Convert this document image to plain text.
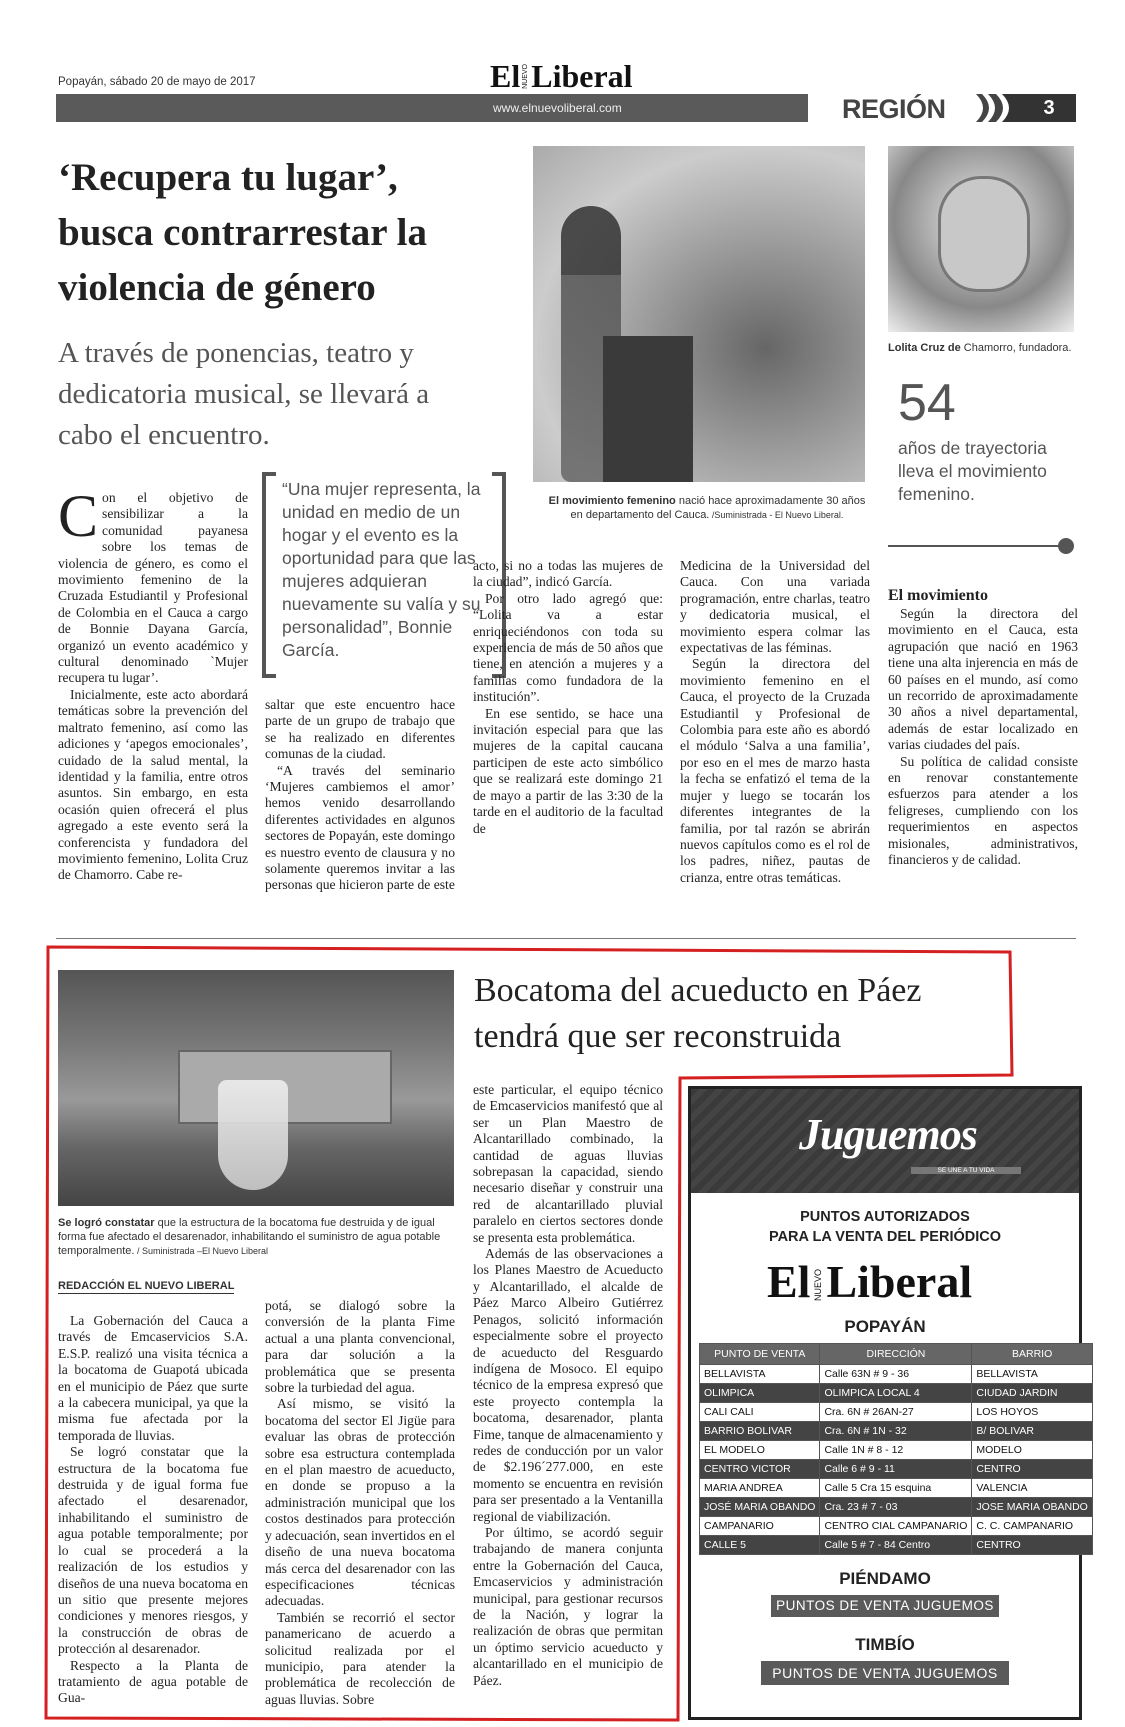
Popayán, sábado 20 de mayo de 2017	El NUEVO Liberal
www.elnuevoliberal.com	REGIÓN	3
‘Recupera tu lugar’,
busca contrarrestar la
violencia de género
A través de ponencias, teatro y
dedicatoria musical, se llevará a
cabo el encuentro.

Con el objetivo de sensibilizar a la comunidad payanesa sobre los temas de violencia de género, es como el movimiento femenino de la Cruzada Estudiantil y Profesional de Colombia en el Cauca a cargo de Bonnie Dayana García, organizó un evento académico y cultural denominado `Mujer recupera tu lugar’.

Inicialmente, este acto abordará temáticas sobre la prevención del maltrato femenino, así como las adiciones y ‘apegos emocionales’, cuidado de la salud mental, la identidad y la familia, entre otros asuntos. Sin embargo, en esta ocasión quien ofrecerá el plus agregado a este evento será la conferencista y fundadora del movimiento femenino, Lolita Cruz de Chamorro. Cabe re-

“Una mujer representa, la unidad en medio de un hogar y el evento es la oportunidad para que las mujeres adquieran nuevamente su valía y su personalidad”, Bonnie García.

saltar que este encuentro hace parte de un grupo de trabajo que se ha realizado en diferentes comunas de la ciudad.

“A través del seminario ‘Mujeres cambiemos el amor’ hemos venido desarrollando diferentes actividades en algunos sectores de Popayán, este domingo es nuestro evento de clausura y no solamente queremos invitar a las personas que hicieron parte de este

El movimiento femenino nació hace aproximadamente 30 años en departamento del Cauca. /Suministrada - El Nuevo Liberal.

acto, si no a todas las mujeres de la ciudad”, indicó García.

Por otro lado agregó que: “Lolita va a estar enriqueciéndonos con toda su experiencia de más de 50 años que tiene, en atención a mujeres y a familias como fundadora de la institución”.

En ese sentido, se hace una invitación especial para que las mujeres de la capital caucana participen de este acto simbólico que se realizará este domingo 21 de mayo a partir de las 3:30 de la tarde en el auditorio de la facultad de

Medicina de la Universidad del Cauca. Con una variada programación, entre charlas, teatro y dedicatoria musical, el movimiento espera colmar las expectativas de las féminas.

Según la directora del movimiento femenino en el Cauca, el proyecto de la Cruzada Estudiantil y Profesional de Colombia para este año es abordó el módulo ‘Salva a una familia’, por eso en el mes de marzo hasta la fecha se enfatizó el tema de la mujer y luego se tocarán los diferentes integrantes de la familia, por tal razón se abrirán nuevos capítulos como es el rol de los padres, niñez, pautas de crianza, entre otras temáticas.

Lolita Cruz de Chamorro, fundadora.
54
años de trayectoria lleva el movimiento femenino.
El movimiento

Según la directora del movimiento en el Cauca, esta agrupación que nació en 1963 tiene una alta injerencia en más de 60 países en el mundo, así como un recorrido de aproximadamente 30 años a nivel departamental, además de estar localizado en varias ciudades del país.

Su política de calidad consiste en renovar constantemente esfuerzos para atender a los feligreses, cumpliendo con los requerimientos en aspectos misionales, administrativos, financieros y de calidad.

Se logró constatar que la estructura de la bocatoma fue destruida y de igual forma fue afectado el desarenador, inhabilitando el suministro de agua potable temporalmente. / Suministrada –El Nuevo Liberal
Bocatoma del acueducto en Páez
tendrá que ser reconstruida
REDACCIÓN EL NUEVO LIBERAL

La Gobernación del Cauca a través de Emcaservicios S.A. E.S.P. realizó una visita técnica a la bocatoma de Guapotá ubicada en el municipio de Páez que surte a la cabecera municipal, ya que la misma fue afectada por la temporada de lluvias.

Se logró constatar que la estructura de la bocatoma fue destruida y de igual forma fue afectado el desarenador, inhabilitando el suministro de agua potable temporalmente; por lo cual se procederá a la realización de los estudios y diseños de una nueva bocatoma en un sitio que presente mejores condiciones y menores riesgos, y la construcción de obras de protección al desarenador.

Respecto a la Planta de tratamiento de agua potable de Gua-

potá, se dialogó sobre la conversión de la planta Fime actual a una planta convencional, para dar solución a la problemática que se presenta sobre la turbiedad del agua.

Así mismo, se visitó la bocatoma del sector El Jigüe para evaluar las obras de protección sobre esa estructura contemplada en el plan maestro de acueducto, en donde se propuso a la administración municipal que los costos destinados para protección y adecuación, sean invertidos en el diseño de una nueva bocatoma más cerca del desarenador con las especificaciones técnicas adecuadas.

También se recorrió el sector panamericano de acuerdo a solicitud realizada por el municipio, para atender la problemática de recolección de aguas lluvias. Sobre

este particular, el equipo técnico de Emcaservicios manifestó que al ser un Plan Maestro de Alcantarillado combinado, la cantidad de aguas lluvias sobrepasan la capacidad, siendo necesario diseñar y construir una red de alcantarillado pluvial paralelo en ciertos sectores donde se presenta esta problemática.

Además de las observaciones a los Planes Maestro de Acueducto y Alcantarillado, el alcalde de Páez Marco Albeiro Gutiérrez Penagos, solicitó información especialmente sobre el proyecto de acueducto del Resguardo indígena de Mosoco. El equipo técnico de la empresa expresó que este proyecto contempla la bocatoma, desarenador, planta Fime, tanque de almacenamiento y redes de conducción por un valor de $2.196´277.000, en este momento se encuentra en revisión para ser presentado a la Ventanilla regional de viabilización.

Por último, se acordó seguir trabajando de manera conjunta entre la Gobernación del Cauca, Emcaservicios y administración municipal, para gestionar recursos de la Nación, y lograr la realización de obras que permitan un óptimo servicio acueducto y alcantarillado en el municipio de Páez.

Juguemos
SE UNE A TU VIDA
PUNTOS AUTORIZADOS
PARA LA VENTA DEL PERIÓDICO
El NUEVO Liberal
POPAYÁN
PUNTO DE VENTA	DIRECCIÓN	BARRIO
BELLAVISTA	Calle 63N # 9 - 36	BELLAVISTA
OLIMPICA	OLIMPICA LOCAL 4	CIUDAD JARDIN
CALI CALI	Cra. 6N # 26AN-27	LOS HOYOS
BARRIO BOLIVAR	Cra. 6N # 1N - 32	B/ BOLIVAR
EL MODELO	Calle 1N # 8 - 12	MODELO
CENTRO VICTOR	Calle 6 # 9 - 11	CENTRO
MARIA ANDREA	Calle 5 Cra 15 esquina	VALENCIA
JOSÉ MARIA OBANDO	Cra. 23 # 7 - 03	JOSE MARIA OBANDO
CAMPANARIO	CENTRO CIAL CAMPANARIO	C. C. CAMPANARIO
CALLE 5	Calle 5 # 7 - 84 Centro	CENTRO
PIÉNDAMO
PUNTOS DE VENTA JUGUEMOS
TIMBÍO
PUNTOS DE VENTA JUGUEMOS
